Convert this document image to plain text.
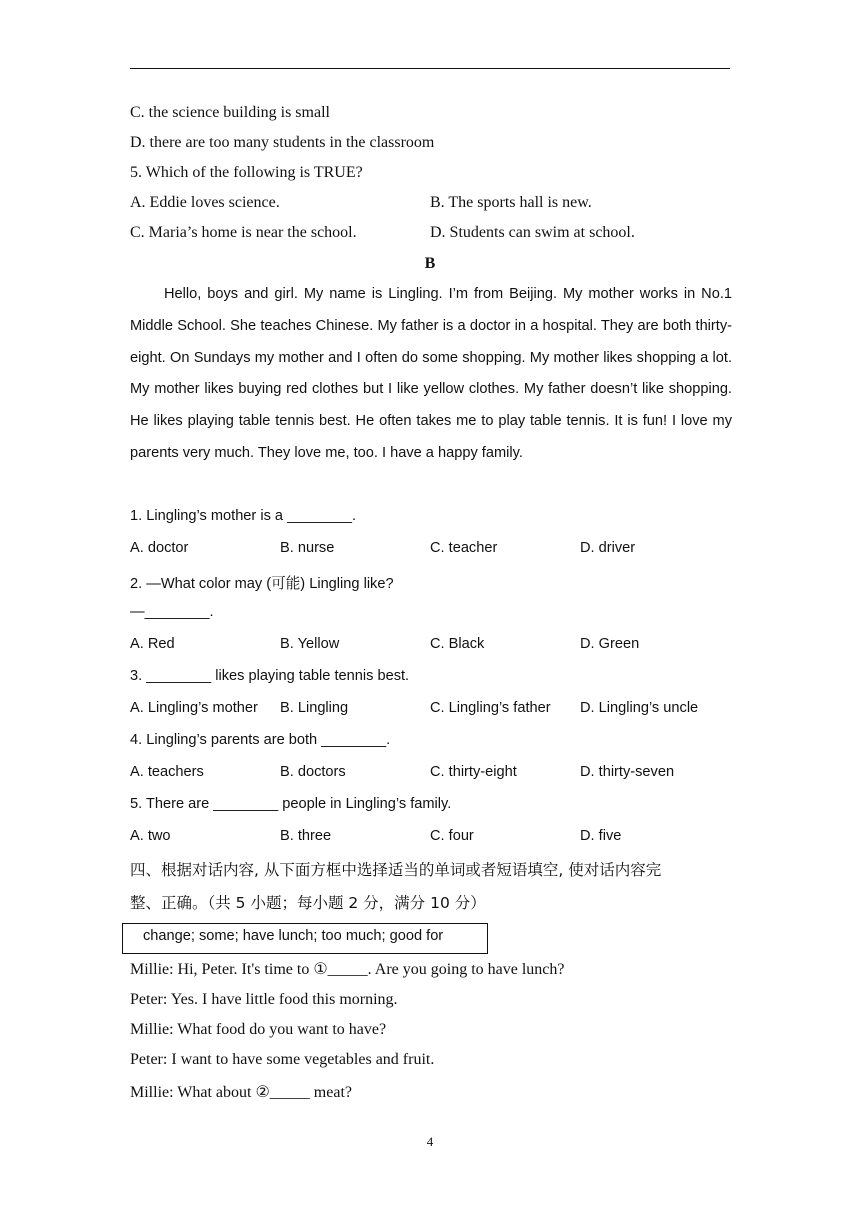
C. the science building is small
D. there are too many students in the classroom
5. Which of the following is TRUE?
A. Eddie loves science.	B. The sports hall is new.
C. Maria’s home is near the school.	D. Students can swim at school.
B
Hello, boys and girl. My name is Lingling. I’m from Beijing. My mother works in No.1 Middle School. She teaches Chinese. My father is a doctor in a hospital. They are both thirty-eight. On Sundays my mother and I often do some shopping. My mother likes shopping a lot. My mother likes buying red clothes but I like yellow clothes. My father doesn’t like shopping. He likes playing table tennis best. He often takes me to play table tennis. It is fun! I love my parents very much. They love me, too. I have a happy family.
1. Lingling’s mother is a ________.
A. doctor	B. nurse	C. teacher	D. driver
2. —What color may (可能) Lingling like?
—________.
A. Red	B. Yellow	C. Black	D. Green
3. ________ likes playing table tennis best.
A. Lingling’s mother B. Lingling	C. Lingling’s father D. Lingling’s uncle
4. Lingling’s parents are both ________.
A. teachers	B. doctors	C. thirty-eight	D. thirty-seven
5. There are ________ people in Lingling’s family.
A. two	B. three	C. four	D. five
四、根据对话内容, 从下面方框中选择适当的单词或者短语填空, 使对话内容完
整、正确。（共 5 小题；每小题 2 分，满分 10 分）
change; some; have lunch; too much; good for
Millie: Hi, Peter. It's time to ①_____. Are you going to have lunch?
Peter: Yes. I have little food this morning.
Millie: What food do you want to have?
Peter: I want to have some vegetables and fruit.
Millie: What about ②_____ meat?
4
